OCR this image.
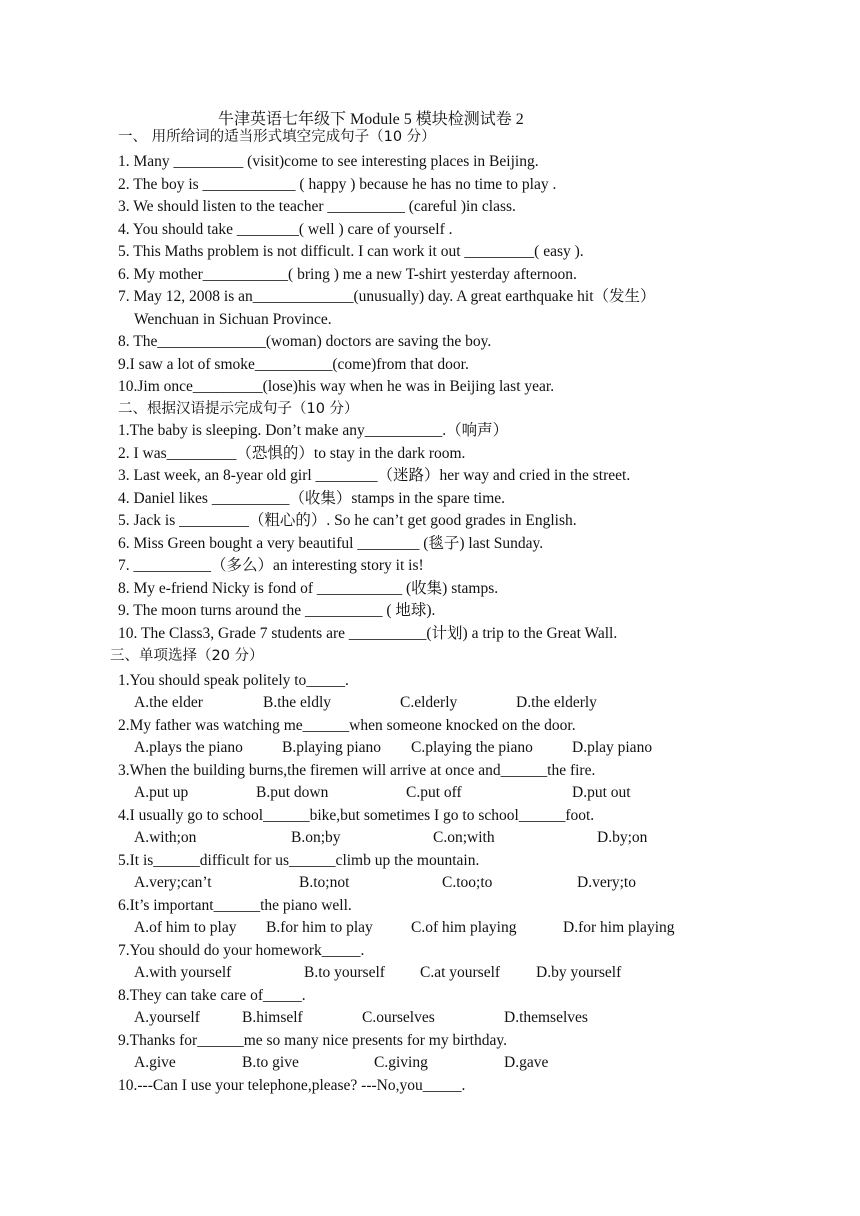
牛津英语七年级下 Module 5 模块检测试卷 2
一、 用所给词的适当形式填空完成句子（10 分）
1. Many _________ (visit)come to see interesting places in Beijing.
2. The boy is ____________ ( happy ) because he has no time to play .
3. We should listen to the teacher __________ (careful )in class.
4. You should take ________( well ) care of yourself .
5. This Maths problem is not difficult. I can work it out _________( easy ).
6. My mother___________( bring ) me a new T-shirt yesterday afternoon.
7. May 12, 2008 is an_____________(unusually) day. A great earthquake hit（发生）
Wenchuan in Sichuan Province.
8. The______________(woman) doctors are saving the boy.
9.I saw a lot of smoke__________(come)from that door.
10.Jim once_________(lose)his way when he was in Beijing last year.
二、根据汉语提示完成句子（10 分）
1.The baby is sleeping. Don’t make any__________.（响声）
2. I was_________（恐惧的）to stay in the dark room.
3. Last week, an 8-year old girl ________（迷路）her way and cried in the street.
4. Daniel likes __________（收集）stamps in the spare time.
5. Jack is _________（粗心的）. So he can’t get good grades in English.
6. Miss Green bought a very beautiful ________ (毯子) last Sunday.
7. __________（多么）an interesting story it is!
8. My e-friend Nicky is fond of ___________ (收集) stamps.
9. The moon turns around the __________ ( 地球).
10. The Class3, Grade 7 students are __________(计划) a trip to the Great Wall.
三、单项选择（20 分）
1.You should speak politely to_____.
A.the elder	B.the eldly	C.elderly	D.the elderly
2.My father was watching me______when someone knocked on the door.
A.plays the piano	B.playing piano C.playing the piano	D.play piano
3.When the building burns,the firemen will arrive at once and______the fire.
A.put up	B.put down	C.put off	D.put out
4.I usually go to school______bike,but sometimes I go to school______foot.
A.with;on	B.on;by	C.on;with	D.by;on
5.It is______difficult for us______climb up the mountain.
A.very;can’t	B.to;not	C.too;to	D.very;to
6.It’s important______the piano well.
A.of him to play B.for him to play C.of him playing	D.for him playing
7.You should do your homework_____.
A.with yourself	B.to yourself C.at yourself D.by yourself
8.They can take care of_____.
A.yourself	B.himself	C.ourselves	D.themselves
9.Thanks for______me so many nice presents for my birthday.
A.give	B.to give	C.giving	D.gave
10.---Can I use your telephone,please? ---No,you_____.
